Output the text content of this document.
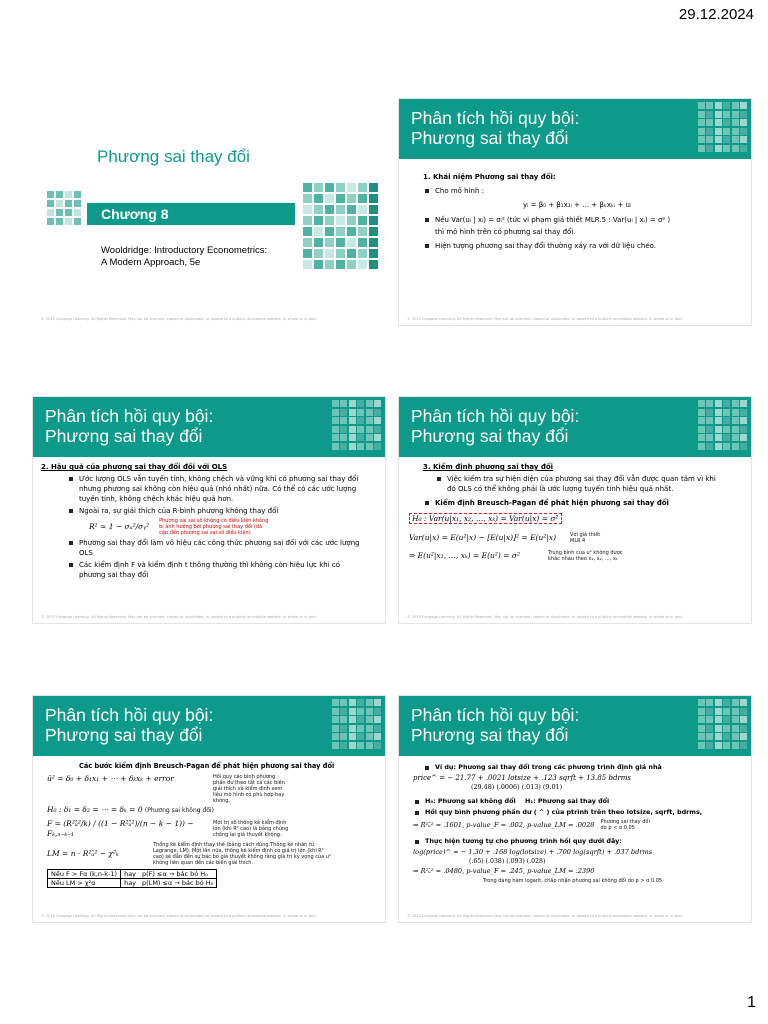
29.12.2024
Phương sai thay đổi
Chương 8
Wooldridge: Introductory Econometrics:
A Modern Approach, 5e
© 2013 Cengage Learning. All Rights Reserved. May not be scanned, copied or duplicated, or posted to a publicly accessible website, in whole or in part.
Phân tích hồi quy bội:
Phương sai thay đổi
1. Khái niệm Phương sai thay đổi:
Cho mô hình :
yᵢ = β₀ + β₁x₁ᵢ + … + βₖxₖᵢ + uᵢ
Nếu Var(uᵢ | xᵢ) = σᵢ² (tức vi phạm giả thiết MLR.5 : Var(uᵢ | xᵢ) = σ² )
thì mô hình trên có phương sai thay đổi.
Hiện tượng phương sai thay đổi thường xảy ra với dữ liệu chéo.
© 2013 Cengage Learning. All Rights Reserved. May not be scanned, copied or duplicated, or posted to a publicly accessible website, in whole or in part.
Phân tích hồi quy bội:
Phương sai thay đổi
2. Hậu quả của phương sai thay đổi đối với OLS
Ước lượng OLS vẫn tuyến tính, không chệch và vững khi có phương sai thay đổi nhưng phương sai không còn hiệu quả (nhỏ nhất) nữa. Có thể có các ước lượng tuyến tính, không chệch khác hiệu quả hơn.
Ngoài ra, sự giải thích của R-bình phương không thay đổi
R² ≈ 1 − σᵤ²/σᵧ²
Phương sai sai số không có điều kiện không bị ảnh hưởng bởi phương sai thay đổi (đã cập đến phương sai sai số điều kiện)
Phương sai thay đổi làm vô hiệu các công thức phương sai đối với các ước lượng OLS
Các kiểm định F và kiểm định t thông thường thì không còn hiệu lực khi có phương sai thay đổi
© 2013 Cengage Learning. All Rights Reserved. May not be scanned, copied or duplicated, or posted to a publicly accessible website, in whole or in part.
Phân tích hồi quy bội:
Phương sai thay đổi
3. Kiểm định phương sai thay đổi
Việc kiểm tra sự hiện diện của phương sai thay đổi vẫn được quan tâm vì khi đó OLS có thể không phải là ước lượng tuyến tính hiệu quả nhất.
Kiểm định Breusch-Pagan để phát hiện phương sai thay đổi
H₀ : Var(u|x₁, x₂, …, xₖ) = Var(u|x) = σ²
Var(u|x) = E(u²|x) − [E(u|x)]² = E(u²|x)	Với giả thiết MLR.4
⇒ E(u²|x₁, …, xₖ) = E(u²) = σ²	Trung bình của u² không được khác nhau theo x₁, x₂, …, xₖ
© 2013 Cengage Learning. All Rights Reserved. May not be scanned, copied or duplicated, or posted to a publicly accessible website, in whole or in part.
Phân tích hồi quy bội:
Phương sai thay đổi
Các bước kiểm định Breusch-Pagan để phát hiện phương sai thay đổi
û² = δ₀ + δ₁x₁ + ⋯ + δₖxₖ + error	Hồi quy các bình phương phần dư theo tất cả các biến giải thích và kiểm định xem liệu mô hình có phù hợp hay không.
H₀ : δ₁ = δ₂ = ⋯ = δₖ = 0 (Phương sai không đổi)
F = (R²ᵤ̂²/k) / ((1 − R²ᵤ̂²)/(n − k − 1)) ~ Fₖ,ₙ₋ₖ₋₁
Một trị số thống kê kiểm định lớn (khi R² cao) là bằng chứng chống lại giả thuyết không.
LM = n · R²ᵤ̂² ~ χ²ₖ
Thống kê kiểm định thay thế (bằng cách dùng Thống kê nhân tử Lagrange, LM). Một lần nữa, thống kê kiểm định có giá trị lớn (khi R² cao) sẽ dẫn đến sự bác bỏ giả thuyết không rằng giá trị kỳ vọng của u² không liên quan đến các biến giải thích.
Nếu F > Fα (k,n-k-1)	hay	p(F) ≤α → bác bỏ H₀
Nếu LM > χ²α	hay	p(LM) ≤α → bác bỏ H₀
© 2013 Cengage Learning. All Rights Reserved. May not be scanned, copied or duplicated, or posted to a publicly accessible website, in whole or in part.
Phân tích hồi quy bội:
Phương sai thay đổi
Ví dụ: Phương sai thay đổi trong các phương trình định giá nhà
price^ = − 21.77 + .0021 lotsize + .123 sqrft + 13.85 bdrms
(29.48) (.0006) (.013) (9.01)
H₀: Phương sai không đổi	H₁: Phương sai thay đổi
Hồi quy bình phương phần dư ( ^ ) của ptrình trên theo lotsize, sqrft, bdrms,
⇒ R²ᵤ̂² = .1601, p-value_F = .002, p-value_LM = .0028 Phương sai thay đổi do p < α 0.05
Thực hiện tương tự cho phương trình hồi quy dưới đây:
log(price)^ = − 1.30 + .168 log(lotsize) + .700 log(sqrft) + .037 bdrms
(.65) (.038) (.093) (.028)
⇒ R²ᵤ̂² = .0480, p-value_F = .245, p-value_LM = .2390
Trong dạng hàm logarit, chấp nhận phương sai không đổi do p > α 0.05
© 2013 Cengage Learning. All Rights Reserved. May not be scanned, copied or duplicated, or posted to a publicly accessible website, in whole or in part.
1
